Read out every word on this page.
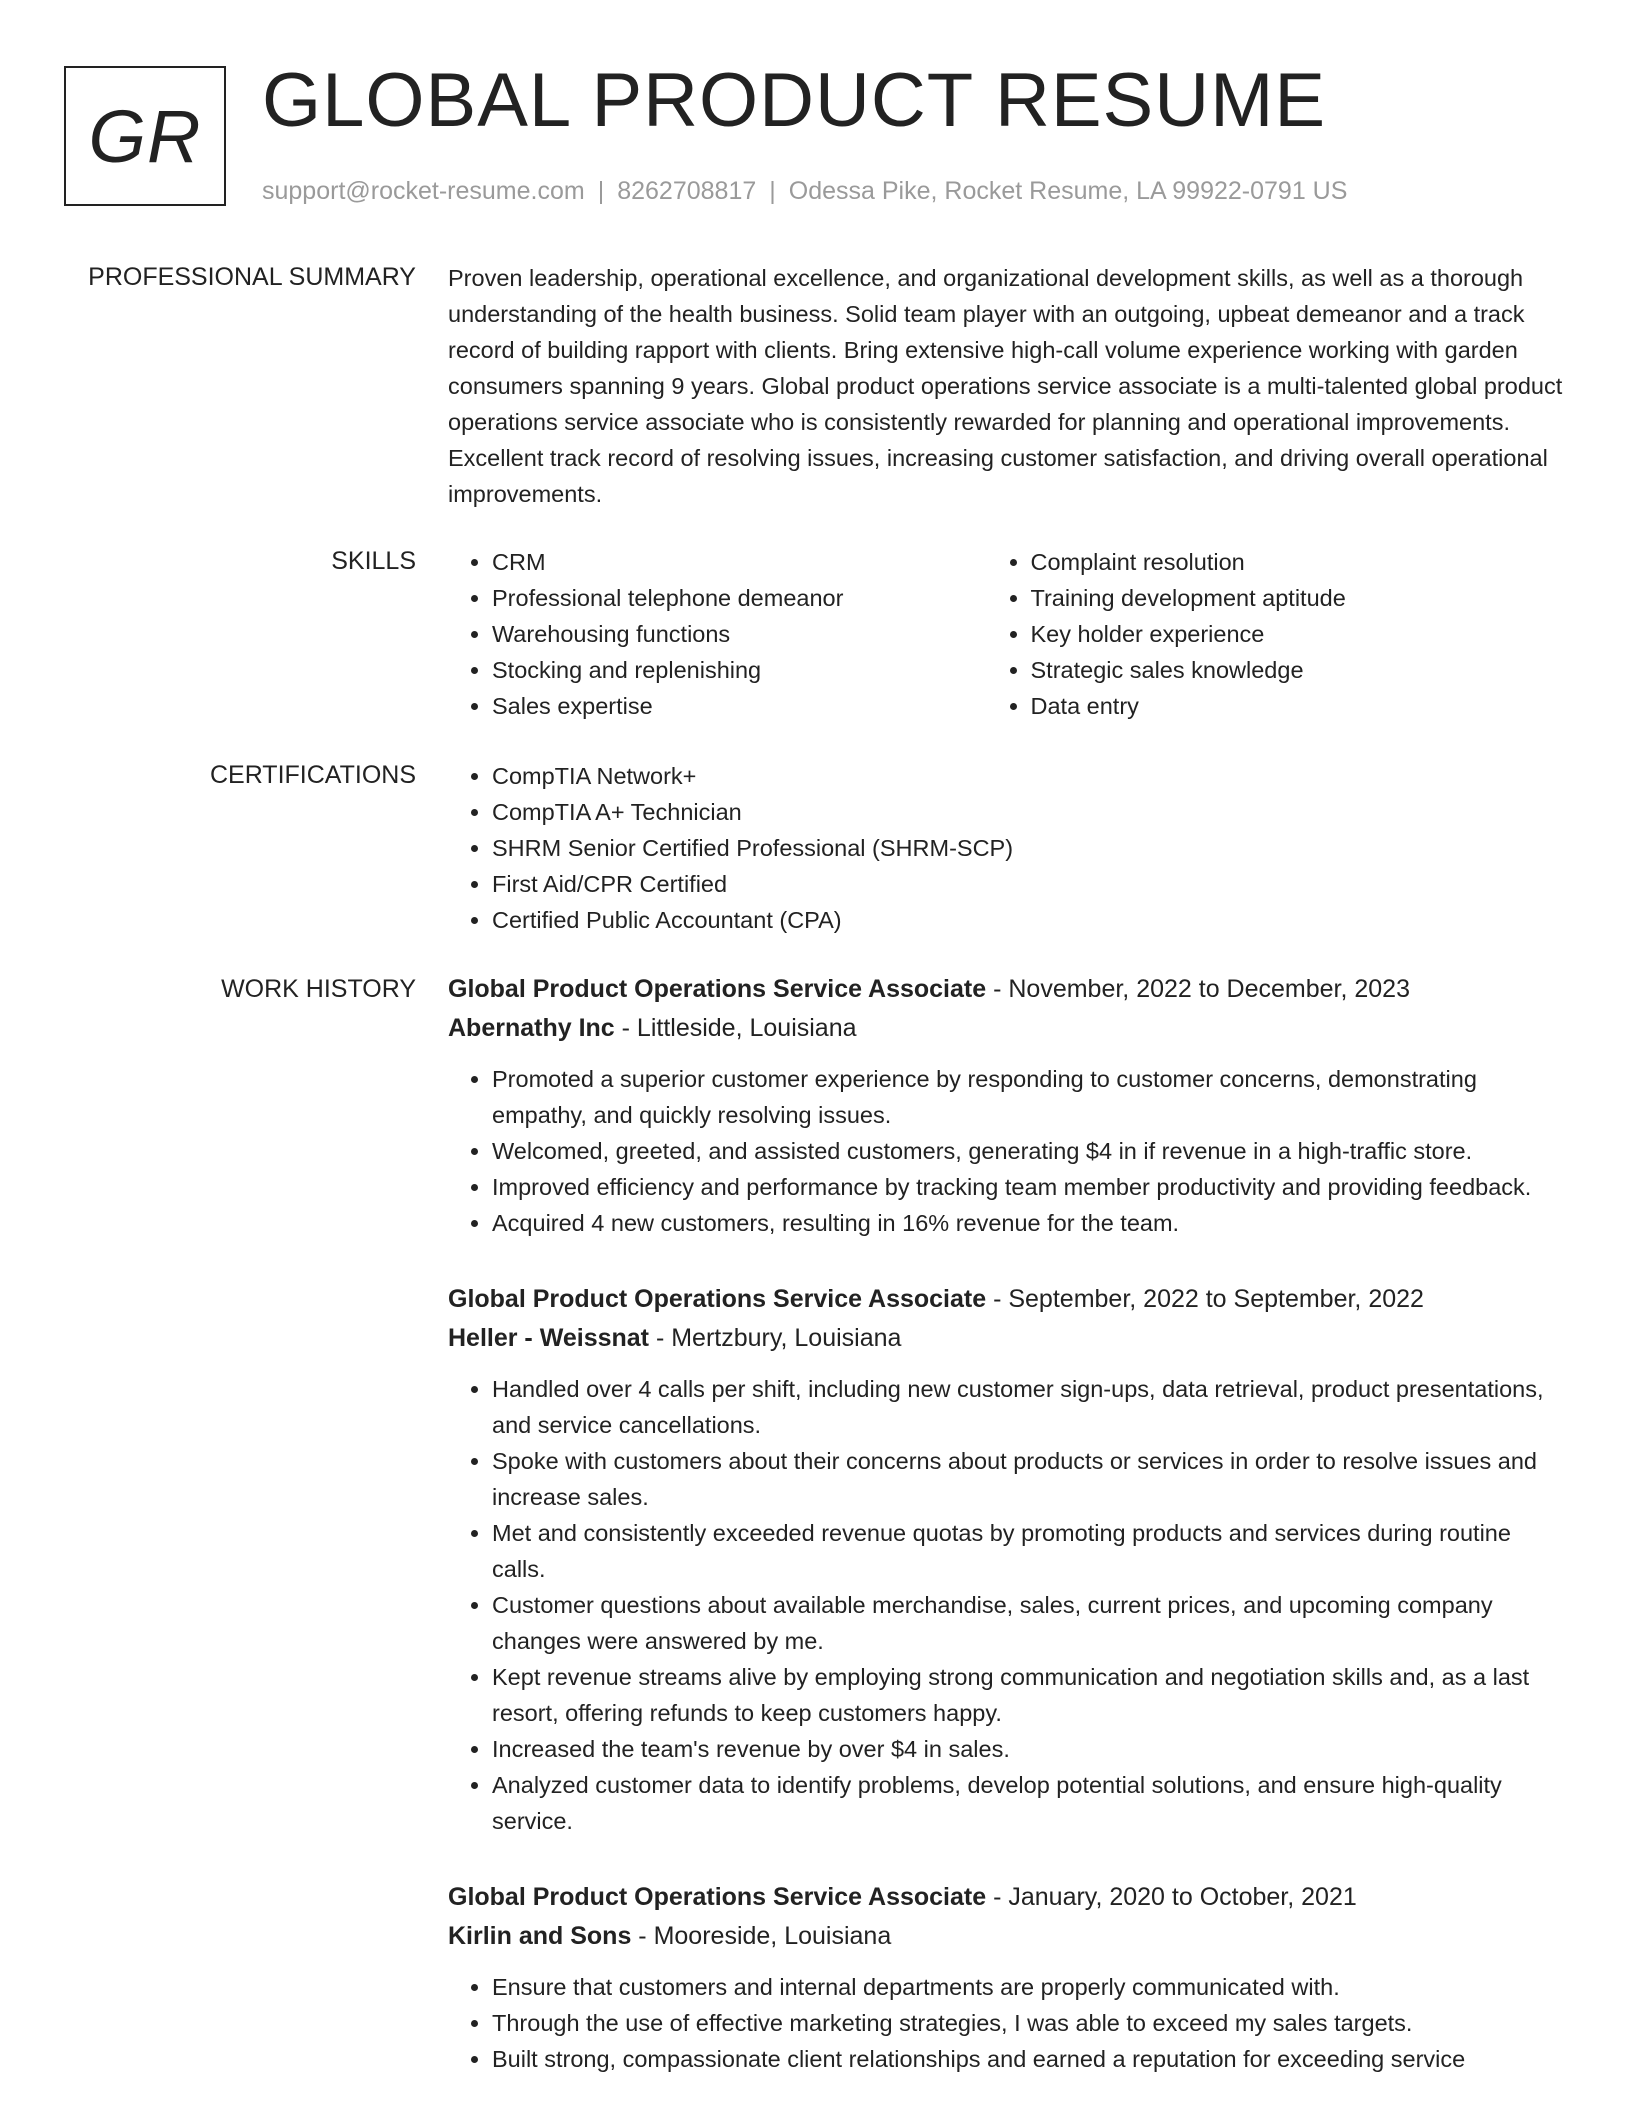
GR GLOBAL PRODUCT RESUME
support@rocket-resume.com | 8262708817 | Odessa Pike, Rocket Resume, LA 99922-0791 US
PROFESSIONAL SUMMARY Proven leadership, operational excellence, and organizational development skills, as well as a thorough understanding of the health business. Solid team player with an outgoing, upbeat demeanor and a track record of building rapport with clients. Bring extensive high-call volume experience working with garden consumers spanning 9 years. Global product operations service associate is a multi-talented global product operations service associate who is consistently rewarded for planning and operational improvements. Excellent track record of resolving issues, increasing customer satisfaction, and driving overall operational improvements.

SKILLS	• CRM
• Professional telephone demeanor
• Warehousing functions
• Stocking and replenishing
• Sales expertise
• Complaint resolution
• Training development aptitude
• Key holder experience
• Strategic sales knowledge
• Data entry
CERTIFICATIONS	• CompTIA Network+
• CompTIA A+ Technician
• SHRM Senior Certified Professional (SHRM-SCP)
• First Aid/CPR Certified
• Certified Public Accountant (CPA)
WORK HISTORY Global Product Operations Service Associate - November, 2022 to December, 2023
Abernathy Inc - Littleside, Louisiana
• Promoted a superior customer experience by responding to customer concerns, demonstrating empathy, and quickly resolving issues.
• Welcomed, greeted, and assisted customers, generating $4 in if revenue in a high-traffic store.
• Improved efficiency and performance by tracking team member productivity and providing feedback.
• Acquired 4 new customers, resulting in 16% revenue for the team.
Global Product Operations Service Associate - September, 2022 to September, 2022
Heller - Weissnat - Mertzbury, Louisiana
• Handled over 4 calls per shift, including new customer sign-ups, data retrieval, product presentations, and service cancellations.
• Spoke with customers about their concerns about products or services in order to resolve issues and increase sales.
• Met and consistently exceeded revenue quotas by promoting products and services during routine calls.
• Customer questions about available merchandise, sales, current prices, and upcoming company changes were answered by me.
• Kept revenue streams alive by employing strong communication and negotiation skills and, as a last resort, offering refunds to keep customers happy.
• Increased the team's revenue by over $4 in sales.
• Analyzed customer data to identify problems, develop potential solutions, and ensure high-quality service.
Global Product Operations Service Associate - January, 2020 to October, 2021
Kirlin and Sons - Mooreside, Louisiana
• Ensure that customers and internal departments are properly communicated with.
• Through the use of effective marketing strategies, I was able to exceed my sales targets.
• Built strong, compassionate client relationships and earned a reputation for exceeding service
